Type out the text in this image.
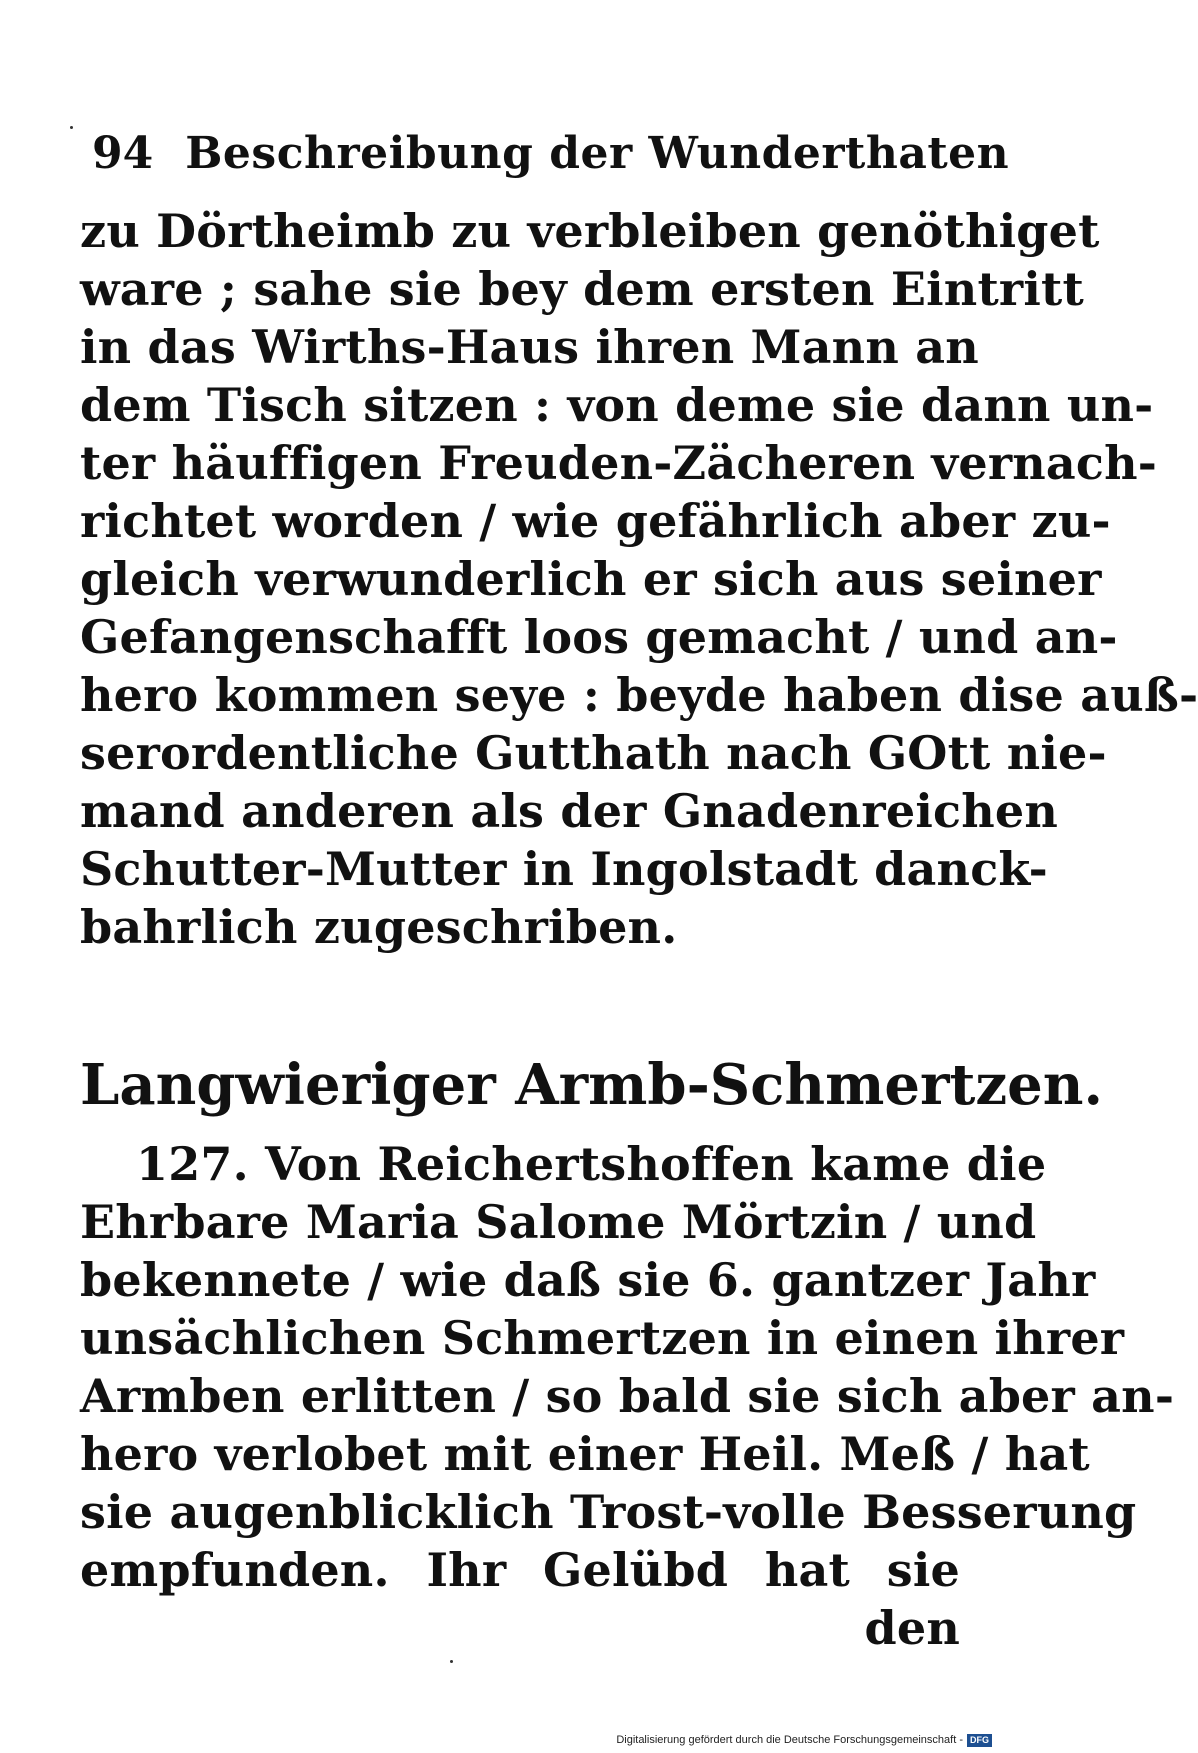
94 Beschreibung der Wunderthaten
zu Dörtheimb zu verbleiben genöthiget
ware ; sahe sie bey dem ersten Eintritt
in das Wirths-Haus ihren Mann an
dem Tisch sitzen : von deme sie dann un-
ter häuffigen Freuden-Zächeren vernach-
richtet worden / wie gefährlich aber zu-
gleich verwunderlich er sich aus seiner
Gefangenschafft loos gemacht / und an-
hero kommen seye : beyde haben dise auß-
serordentliche Gutthath nach GOtt nie-
mand anderen als der Gnadenreichen
Schutter-Mutter in Ingolstadt danck-
bahrlich zugeschriben.
Langwieriger Armb-Schmertzen.
127. Von Reichertshoffen kame die
Ehrbare Maria Salome Mörtzin / und
bekennete / wie daß sie 6. gantzer Jahr
unsächlichen Schmertzen in einen ihrer
Armben erlitten / so bald sie sich aber an-
hero verlobet mit einer Heil. Meß / hat
sie augenblicklich Trost-volle Besserung
empfunden. Ihr Gelübd hat sie
den
Digitalisierung gefördert durch die Deutsche Forschungsgemeinschaft - DFG
